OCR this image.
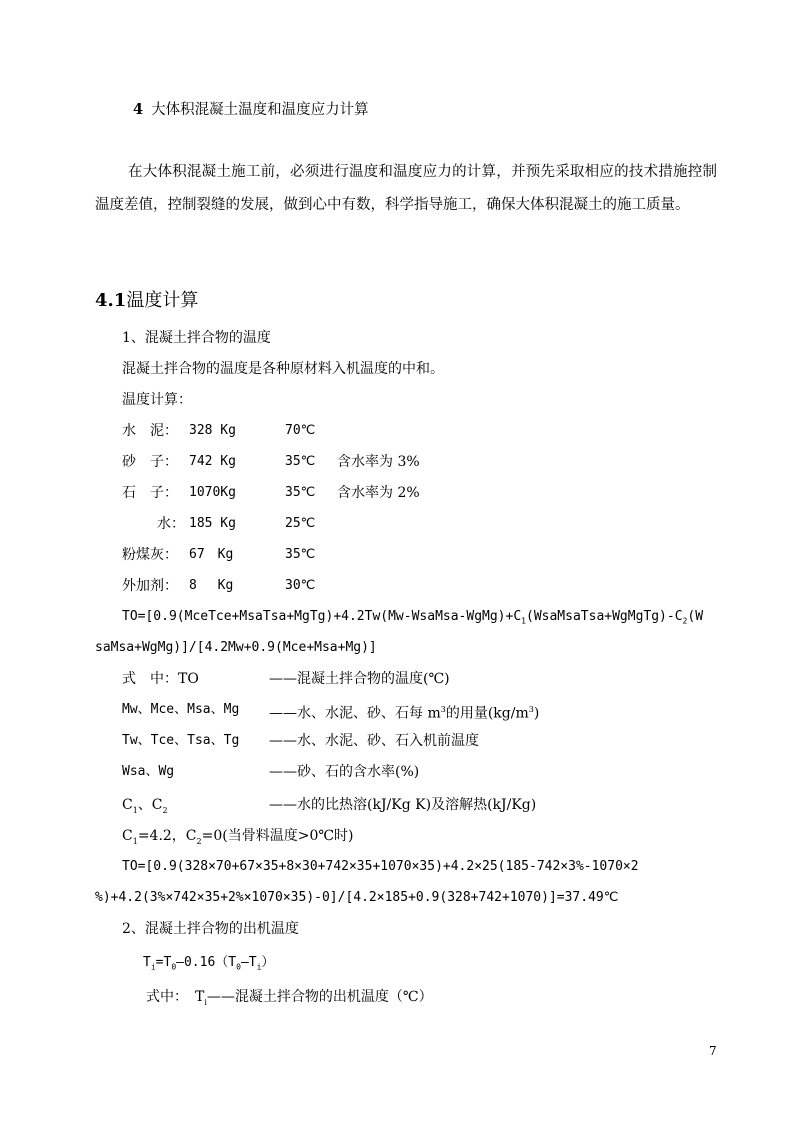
4 大体积混凝土温度和温度应力计算
在大体积混凝土施工前，必须进行温度和温度应力的计算，并预先采取相应的技术措施控制温度差值，控制裂缝的发展，做到心中有数，科学指导施工，确保大体积混凝土的施工质量。
4.1温度计算
1、混凝土拌合物的温度
混凝土拌合物的温度是各种原材料入机温度的中和。
温度计算：
水　泥： 328 Kg	70℃
砂　子： 742 Kg	35℃ 含水率为 3%
石　子： 1070Kg	35℃ 含水率为 2%
水： 185 Kg	25℃
粉煤灰： 67　Kg	35℃
外加剂： 8　 Kg	30℃
$TO=[0.9(MceTce+MsaTsa+MgTg)+4.2Tw(Mw-WsaMsa-WgMg)+C_1(WsaMsaTsa+WgMgTg)-C_2(W$
saMsa+WgMg)]/[4.2Mw+0.9(Mce+Msa+Mg)]
式　中：TO	——混凝土拌合物的温度(℃)
Mw、Mce、Msa、Mg ——水、水泥、砂、石每 $m^3$的用量$(kg/m^3)$
Tw、Tce、Tsa、Tg ——水、水泥、砂、石入机前温度
Wsa、Wg	——砂、石的含水率(%)
$C_1$、$C_2$	——水的比热溶(kJ/Kg K)及溶解热(kJ/Kg)
$C_1=4.2$，$C_2=0$(当骨料温度>0℃时)
TO=[0.9(328×70+67×35+8×30+742×35+1070×35)+4.2×25(185-742×3%-1070×2
%)+4.2(3%×742×35+2%×1070×35)-0]/[4.2×185+0.9(328+742+1070)]=37.49℃
2、混凝土拌合物的出机温度
$T_i=T_0—0.16(T_0—T_i)$
式中：　$T_i——$混凝土拌合物的出机温度（℃）
7
